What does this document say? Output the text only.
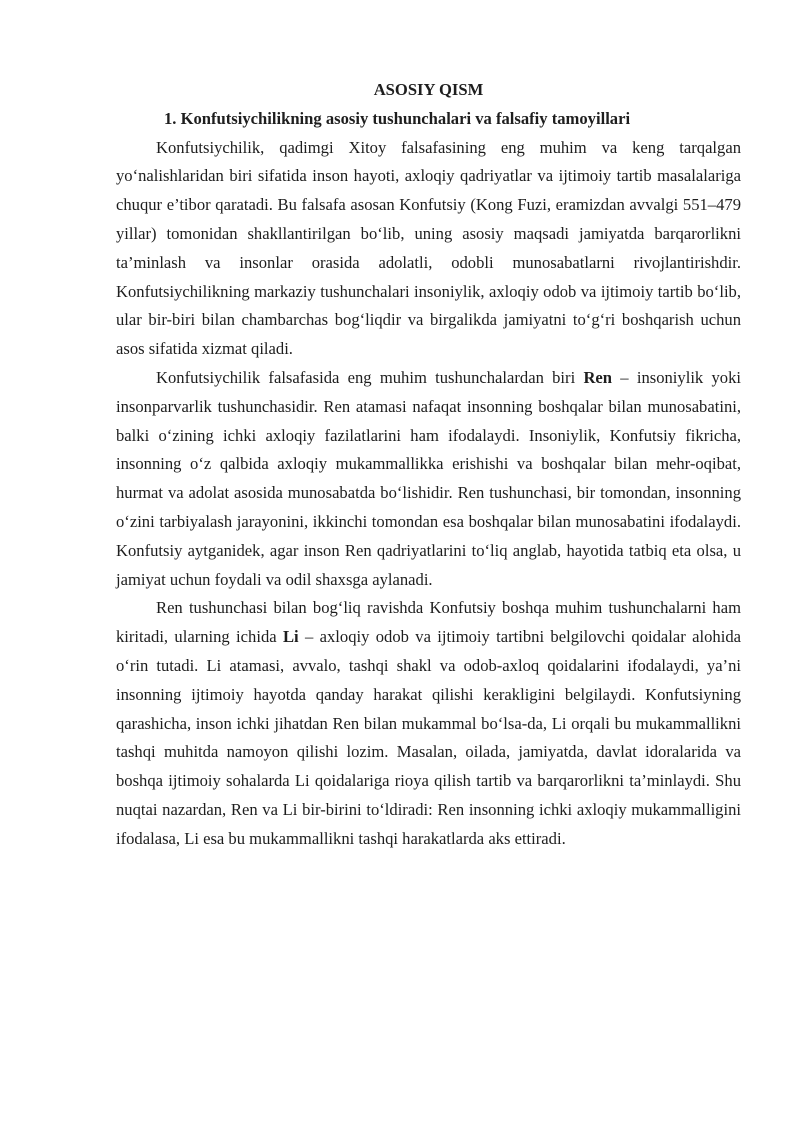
ASOSIY QISM

1. Konfutsiychilikning asosiy tushunchalari va falsafiy tamoyillari

Konfutsiychilik, qadimgi Xitoy falsafasining eng muhim va keng tarqalgan yo‘nalishlaridan biri sifatida inson hayoti, axloqiy qadriyatlar va ijtimoiy tartib masalalariga chuqur e’tibor qaratadi. Bu falsafa asosan Konfutsiy (Kong Fuzi, eramizdan avvalgi 551–479 yillar) tomonidan shakllantirilgan bo‘lib, uning asosiy maqsadi jamiyatda barqarorlikni ta’minlash va insonlar orasida adolatli, odobli munosabatlarni rivojlantirishdir. Konfutsiychilikning markaziy tushunchalari insoniylik, axloqiy odob va ijtimoiy tartib bo‘lib, ular bir-biri bilan chambarchas bog‘liqdir va birgalikda jamiyatni to‘g‘ri boshqarish uchun asos sifatida xizmat qiladi.

Konfutsiychilik falsafasida eng muhim tushunchalardan biri Ren – insoniylik yoki insonparvarlik tushunchasidir. Ren atamasi nafaqat insonning boshqalar bilan munosabatini, balki o‘zining ichki axloqiy fazilatlarini ham ifodalaydi. Insoniylik, Konfutsiy fikricha, insonning o‘z qalbida axloqiy mukammallikka erishishi va boshqalar bilan mehr-oqibat, hurmat va adolat asosida munosabatda bo‘lishidir. Ren tushunchasi, bir tomondan, insonning o‘zini tarbiyalash jarayonini, ikkinchi tomondan esa boshqalar bilan munosabatini ifodalaydi. Konfutsiy aytganidek, agar inson Ren qadriyatlarini to‘liq anglab, hayotida tatbiq eta olsa, u jamiyat uchun foydali va odil shaxsga aylanadi.

Ren tushunchasi bilan bog‘liq ravishda Konfutsiy boshqa muhim tushunchalarni ham kiritadi, ularning ichida Li – axloqiy odob va ijtimoiy tartibni belgilovchi qoidalar alohida o‘rin tutadi. Li atamasi, avvalo, tashqi shakl va odob-axloq qoidalarini ifodalaydi, ya’ni insonning ijtimoiy hayotda qanday harakat qilishi kerakligini belgilaydi. Konfutsiyning qarashicha, inson ichki jihatdan Ren bilan mukammal bo‘lsa-da, Li orqali bu mukammallikni tashqi muhitda namoyon qilishi lozim. Masalan, oilada, jamiyatda, davlat idoralarida va boshqa ijtimoiy sohalarda Li qoidalariga rioya qilish tartib va barqarorlikni ta’minlaydi. Shu nuqtai nazardan, Ren va Li bir-birini to‘ldiradi: Ren insonning ichki axloqiy mukammalligini ifodalasa, Li esa bu mukammallikni tashqi harakatlarda aks ettiradi.
